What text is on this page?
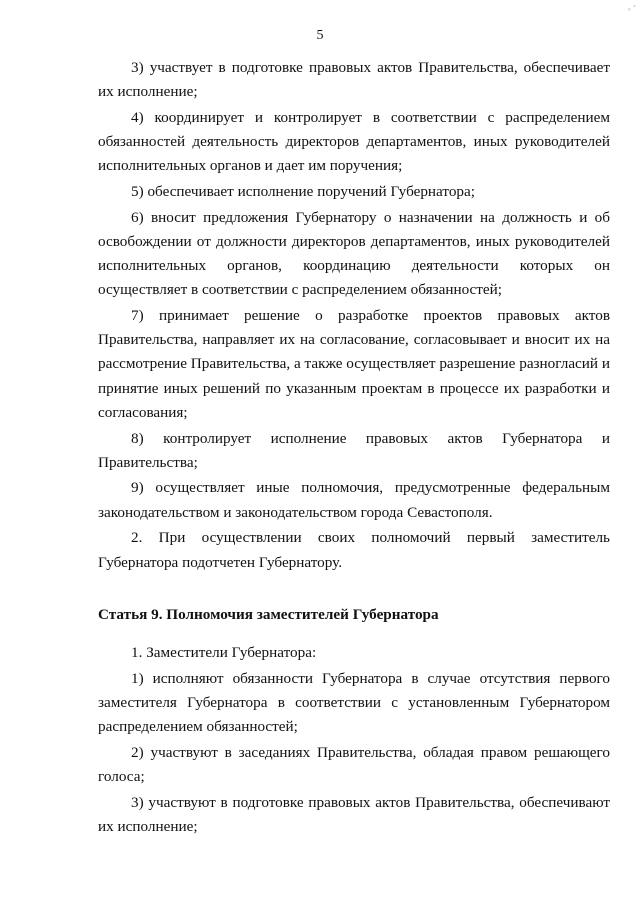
◦ ˚
5

3) участвует в подготовке правовых актов Правительства, обеспечивает их исполнение;

4) координирует и контролирует в соответствии с распределением обязанностей деятельность директоров департаментов, иных руководителей исполнительных органов и дает им поручения;

5) обеспечивает исполнение поручений Губернатора;

6) вносит предложения Губернатору о назначении на должность и об освобождении от должности директоров департаментов, иных руководителей исполнительных органов, координацию деятельности которых он осуществляет в соответствии с распределением обязанностей;

7) принимает решение о разработке проектов правовых актов Правительства, направляет их на согласование, согласовывает и вносит их на рассмотрение Правительства, а также осуществляет разрешение разногласий и принятие иных решений по указанным проектам в процессе их разработки и согласования;

8) контролирует исполнение правовых актов Губернатора и Правительства;

9) осуществляет иные полномочия, предусмотренные федеральным законодательством и законодательством города Севастополя.

2. При осуществлении своих полномочий первый заместитель Губернатора подотчетен Губернатору.

Статья 9. Полномочия заместителей Губернатора

1. Заместители Губернатора:

1) исполняют обязанности Губернатора в случае отсутствия первого заместителя Губернатора в соответствии с установленным Губернатором распределением обязанностей;

2) участвуют в заседаниях Правительства, обладая правом решающего голоса;

3) участвуют в подготовке правовых актов Правительства, обеспечивают их исполнение;
